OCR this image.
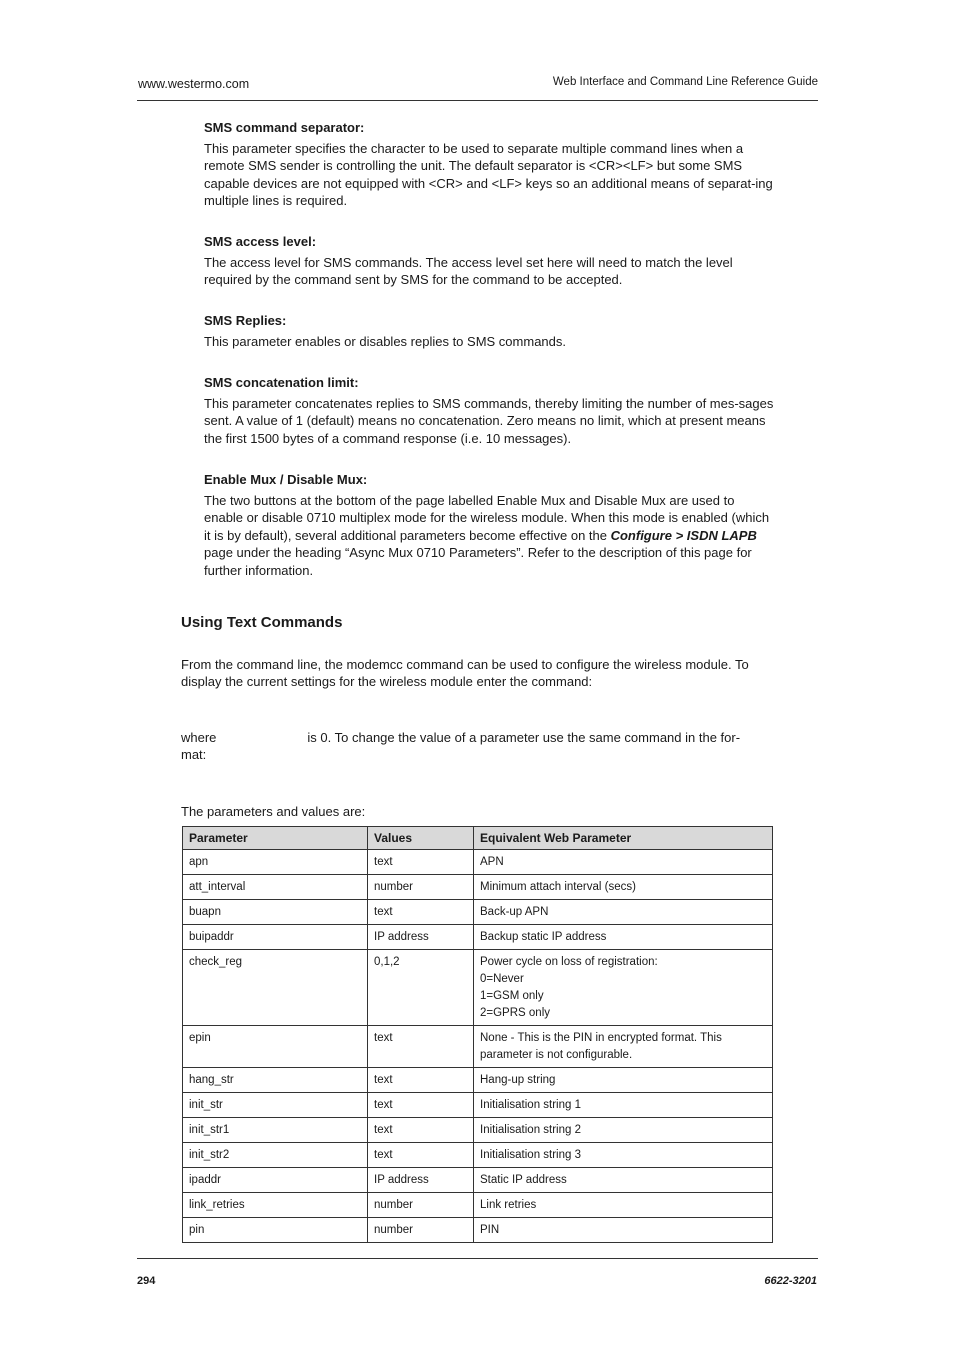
www.westermo.com	Web Interface and Command Line Reference Guide
SMS command separator:

This parameter specifies the character to be used to separate multiple command lines when a remote SMS sender is controlling the unit. The default separator is <CR><LF> but some SMS capable devices are not equipped with <CR> and <LF> keys so an additional means of separat-ing multiple lines is required.

SMS access level:

The access level for SMS commands. The access level set here will need to match the level required by the command sent by SMS for the command to be accepted.

SMS Replies:

This parameter enables or disables replies to SMS commands.

SMS concatenation limit:

This parameter concatenates replies to SMS commands, thereby limiting the number of mes-sages sent. A value of 1 (default) means no concatenation. Zero means no limit, which at present means the first 1500 bytes of a command response (i.e. 10 messages).

Enable Mux / Disable Mux:

The two buttons at the bottom of the page labelled Enable Mux and Disable Mux are used to enable or disable 0710 multiplex mode for the wireless module. When this mode is enabled (which it is by default), several additional parameters become effective on the Configure > ISDN LAPB page under the heading “Async Mux 0710 Parameters”. Refer to the description of this page for further information.

Using Text Commands
From the command line, the modemcc command can be used to configure the wireless module. To display the current settings for the wireless module enter the command:
where	is 0. To change the value of a parameter use the same command in the for-
mat:
The parameters and values are:
Parameter	Values	Equivalent Web Parameter
apn	text	APN

att_interval	number	Minimum attach interval (secs)

buapn	text	Back-up APN

buipaddr	IP address	Backup static IP address

check_reg	0,1,2	Power cycle on loss of registration:
0=Never
1=GSM only
2=GPRS only

epin	text	None - This is the PIN in encrypted format. This
parameter is not configurable.

hang_str	text	Hang-up string

init_str	text	Initialisation string 1

init_str1	text	Initialisation string 2

init_str2	text	Initialisation string 3

ipaddr	IP address	Static IP address

link_retries	number	Link retries

pin	number	PIN
294	6622-3201
